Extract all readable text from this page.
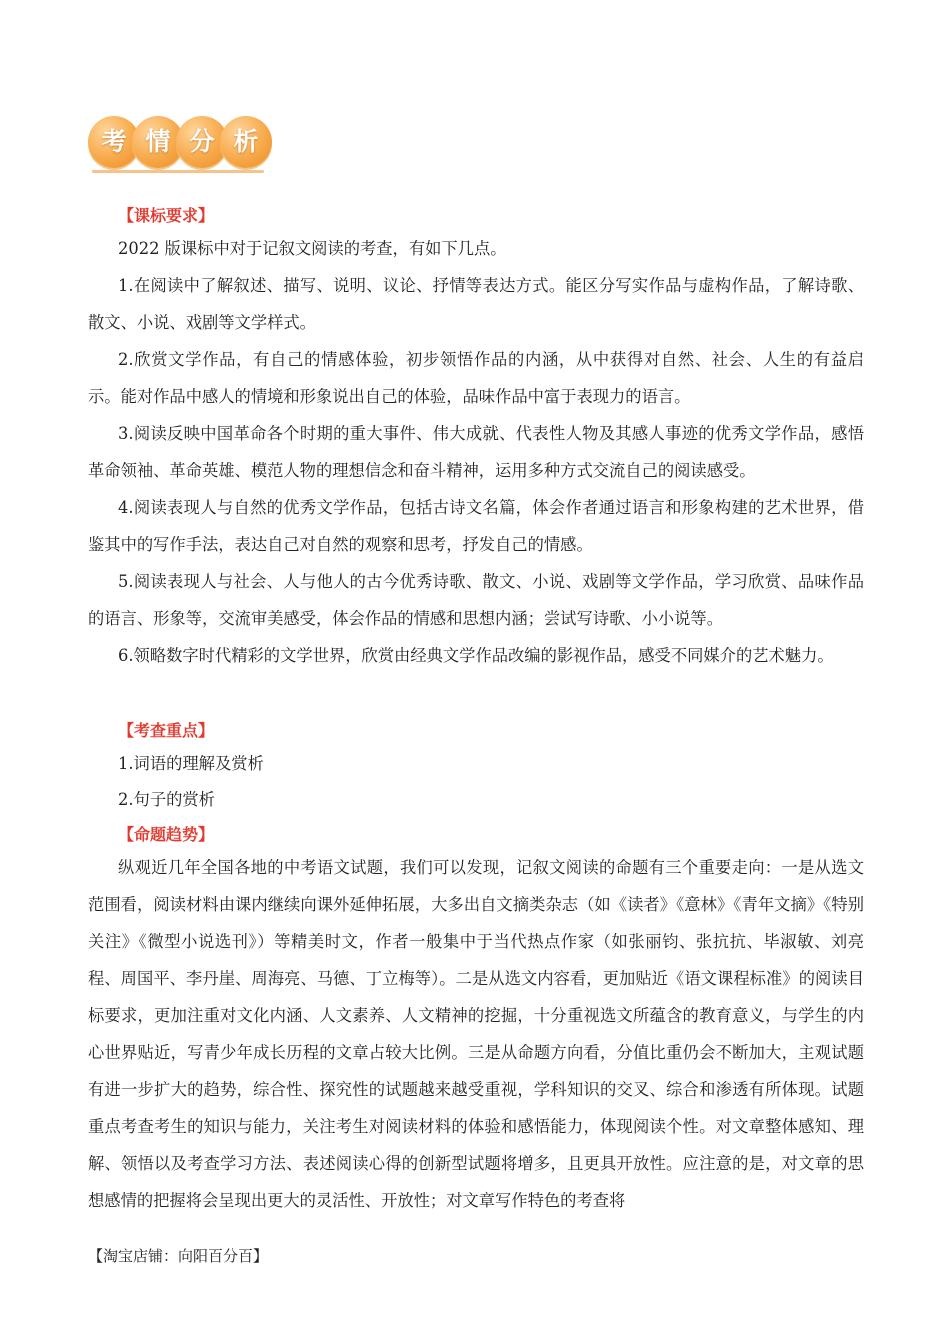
考 情 分 析
【课标要求】
2022 版课标中对于记叙文阅读的考查，有如下几点。
1.在阅读中了解叙述、描写、说明、议论、抒情等表达方式。能区分写实作品与虚构作品，了解诗歌、散文、小说、戏剧等文学样式。
2.欣赏文学作品，有自己的情感体验，初步领悟作品的内涵，从中获得对自然、社会、人生的有益启示。能对作品中感人的情境和形象说出自己的体验，品味作品中富于表现力的语言。
3.阅读反映中国革命各个时期的重大事件、伟大成就、代表性人物及其感人事迹的优秀文学作品，感悟革命领袖、革命英雄、模范人物的理想信念和奋斗精神，运用多种方式交流自己的阅读感受。
4.阅读表现人与自然的优秀文学作品，包括古诗文名篇，体会作者通过语言和形象构建的艺术世界，借鉴其中的写作手法，表达自己对自然的观察和思考，抒发自己的情感。
5.阅读表现人与社会、人与他人的古今优秀诗歌、散文、小说、戏剧等文学作品，学习欣赏、品味作品的语言、形象等，交流审美感受，体会作品的情感和思想内涵；尝试写诗歌、小小说等。
6.领略数字时代精彩的文学世界，欣赏由经典文学作品改编的影视作品，感受不同媒介的艺术魅力。
【考查重点】
1.词语的理解及赏析
2.句子的赏析
【命题趋势】
纵观近几年全国各地的中考语文试题，我们可以发现，记叙文阅读的命题有三个重要走向：一是从选文范围看，阅读材料由课内继续向课外延伸拓展，大多出自文摘类杂志（如《读者》《意林》《青年文摘》《特别关注》《微型小说选刊》）等精美时文，作者一般集中于当代热点作家（如张丽钧、张抗抗、毕淑敏、刘亮程、周国平、李丹崖、周海亮、马德、丁立梅等）。二是从选文内容看，更加贴近《语文课程标准》的阅读目标要求，更加注重对文化内涵、人文素养、人文精神的挖掘，十分重视选文所蕴含的教育意义，与学生的内心世界贴近，写青少年成长历程的文章占较大比例。三是从命题方向看，分值比重仍会不断加大，主观试题有进一步扩大的趋势，综合性、探究性的试题越来越受重视，学科知识的交叉、综合和渗透有所体现。试题重点考查考生的知识与能力，关注考生对阅读材料的体验和感悟能力，体现阅读个性。对文章整体感知、理解、领悟以及考查学习方法、表述阅读心得的创新型试题将增多，且更具开放性。应注意的是，对文章的思想感情的把握将会呈现出更大的灵活性、开放性；对文章写作特色的考查将
【淘宝店铺：向阳百分百】
